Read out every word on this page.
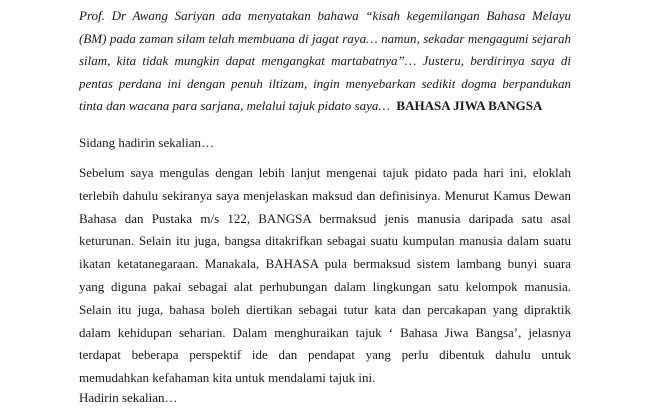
Prof. Dr Awang Sariyan ada menyatakan bahawa “kisah kegemilangan Bahasa Melayu
(BM) pada zaman silam telah membuana di jagat raya… namun, sekadar mengagumi sejarah
silam, kita tidak mungkin dapat mengangkat martabatnya”… Justeru, berdirinya saya di
pentas perdana ini dengan penuh iltizam, ingin menyebarkan sedikit dogma berpandukan
tinta dan wacana para sarjana, melalui tajuk pidato saya… BAHASA JIWA BANGSA
Sidang hadirin sekalian…
Sebelum saya mengulas dengan lebih lanjut mengenai tajuk pidato pada hari ini, eloklah
terlebih dahulu sekiranya saya menjelaskan maksud dan definisinya. Menurut Kamus Dewan
Bahasa dan Pustaka m/s 122, BANGSA bermaksud jenis manusia daripada satu asal
keturunan. Selain itu juga, bangsa ditakrifkan sebagai suatu kumpulan manusia dalam suatu
ikatan ketatanegaraan. Manakala, BAHASA pula bermaksud sistem lambang bunyi suara
yang diguna pakai sebagai alat perhubungan dalam lingkungan satu kelompok manusia.
Selain itu juga, bahasa boleh diertikan sebagai tutur kata dan percakapan yang dipraktik
dalam kehidupan seharian. Dalam menghuraikan tajuk ‘ Bahasa Jiwa Bangsa’, jelasnya
terdapat beberapa perspektif ide dan pendapat yang perlu dibentuk dahulu untuk
memudahkan kefahaman kita untuk mendalami tajuk ini.
Hadirin sekalian…
